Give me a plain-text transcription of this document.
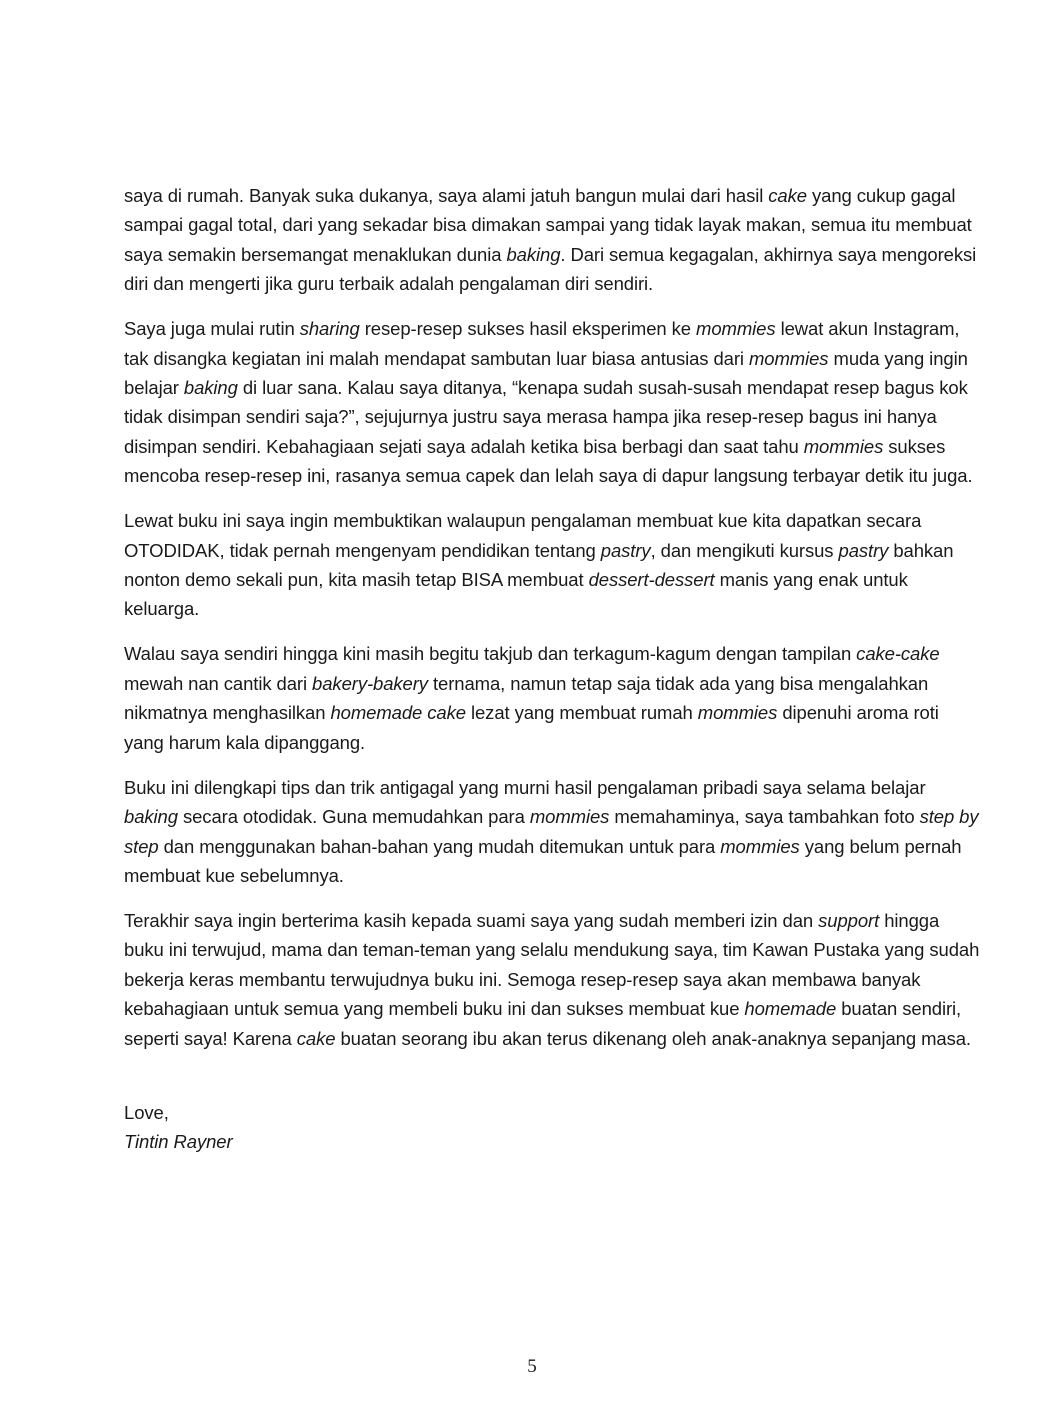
saya di rumah. Banyak suka dukanya, saya alami jatuh bangun mulai dari hasil cake yang cukup gagal sampai gagal total, dari yang sekadar bisa dimakan sampai yang tidak layak makan, semua itu membuat saya semakin bersemangat menaklukan dunia baking. Dari semua kegagalan, akhirnya saya mengoreksi diri dan mengerti jika guru terbaik adalah pengalaman diri sendiri.

Saya juga mulai rutin sharing resep-resep sukses hasil eksperimen ke mommies lewat akun Instagram, tak disangka kegiatan ini malah mendapat sambutan luar biasa antusias dari mommies muda yang ingin belajar baking di luar sana. Kalau saya ditanya, “kenapa sudah susah-susah mendapat resep bagus kok tidak disimpan sendiri saja?”, sejujurnya justru saya merasa hampa jika resep-resep bagus ini hanya disimpan sendiri. Kebahagiaan sejati saya adalah ketika bisa berbagi dan saat tahu mommies sukses mencoba resep-resep ini, rasanya semua capek dan lelah saya di dapur langsung terbayar detik itu juga.

Lewat buku ini saya ingin membuktikan walaupun pengalaman membuat kue kita dapatkan secara OTODIDAK, tidak pernah mengenyam pendidikan tentang pastry, dan mengikuti kursus pastry bahkan nonton demo sekali pun, kita masih tetap BISA membuat dessert-dessert manis yang enak untuk keluarga.

Walau saya sendiri hingga kini masih begitu takjub dan terkagum-kagum dengan tampilan cake-cake mewah nan cantik dari bakery-bakery ternama, namun tetap saja tidak ada yang bisa mengalahkan nikmatnya menghasilkan homemade cake lezat yang membuat rumah mommies dipenuhi aroma roti yang harum kala dipanggang.

Buku ini dilengkapi tips dan trik antigagal yang murni hasil pengalaman pribadi saya selama belajar baking secara otodidak. Guna memudahkan para mommies memahaminya, saya tambahkan foto step by step dan menggunakan bahan-bahan yang mudah ditemukan untuk para mommies yang belum pernah membuat kue sebelumnya.

Terakhir saya ingin berterima kasih kepada suami saya yang sudah memberi izin dan support hingga buku ini terwujud, mama dan teman-teman yang selalu mendukung saya, tim Kawan Pustaka yang sudah bekerja keras membantu terwujudnya buku ini. Semoga resep-resep saya akan membawa banyak kebahagiaan untuk semua yang membeli buku ini dan sukses membuat kue homemade buatan sendiri, seperti saya! Karena cake buatan seorang ibu akan terus dikenang oleh anak-anaknya sepanjang masa.

Love,
Tintin Rayner
5
